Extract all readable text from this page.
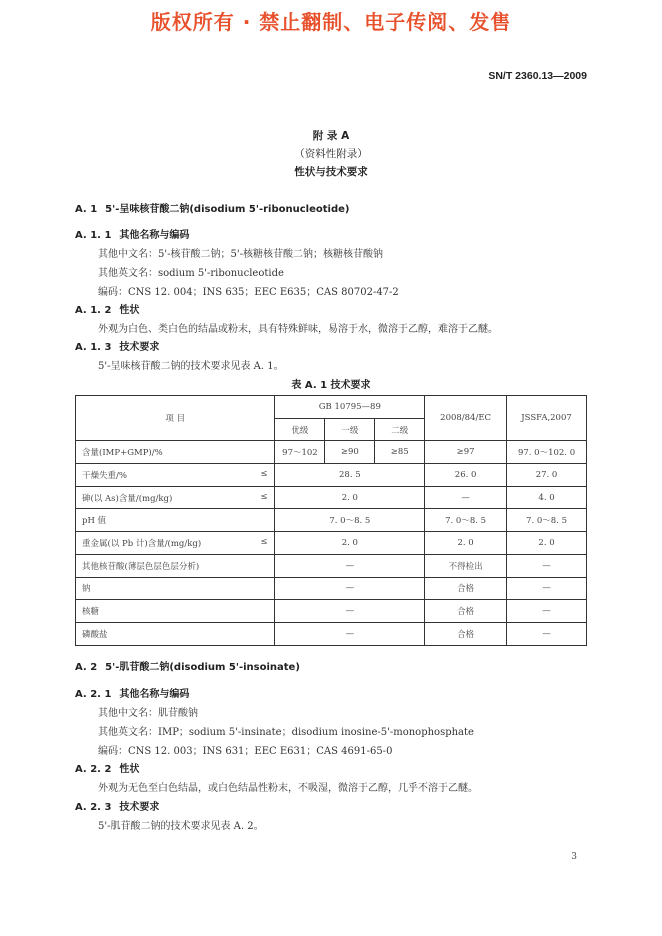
版权所有 · 禁止翻制、电子传阅、发售
SN/T 2360.13—2009
附 录 A
（资料性附录）
性状与技术要求
A. 1 5'-呈味核苷酸二钠(disodium 5'-ribonucleotide)
A. 1. 1 其他名称与编码
其他中文名：5'-核苷酸二钠；5'-核糖核苷酸二钠；核糖核苷酸钠
其他英文名：sodium 5'-ribonucleotide
编码：CNS 12. 004；INS 635；EEC E635；CAS 80702-47-2
A. 1. 2 性状
外观为白色、类白色的结晶或粉末，具有特殊鲜味，易溶于水，微溶于乙醇，难溶于乙醚。
A. 1. 3 技术要求
5'-呈味核苷酸二钠的技术要求见表 A. 1。
表 A. 1 技术要求
项 目	GB 10795—89			2008/84/EC	JSSFA,2007
	优级	一级	二级		
含量(IMP+GMP)/%	97～102	≥90	≥85	≥97	97. 0～102. 0
干燥失重/% ≤	28. 5			26. 0	27. 0
砷(以 As)含量/(mg/kg) ≤	2. 0			—	4. 0
pH 值	7. 0～8. 5			7. 0～8. 5	7. 0～8. 5
重金属(以 Pb 计)含量/(mg/kg) ≤	2. 0			2. 0	2. 0
其他核苷酸(薄层色层色层分析)	—			不得检出	—
钠	—			合格	—
核糖	—			合格	—
磷酸盐	—			合格	—
A. 2 5'-肌苷酸二钠(disodium 5'-insoinate)
A. 2. 1 其他名称与编码
其他中文名：肌苷酸钠
其他英文名：IMP；sodium 5'-insinate；disodium inosine-5'-monophosphate
编码：CNS 12. 003；INS 631；EEC E631；CAS 4691-65-0
A. 2. 2 性状
外观为无色至白色结晶，或白色结晶性粉末，不吸湿，微溶于乙醇，几乎不溶于乙醚。
A. 2. 3 技术要求
5'-肌苷酸二钠的技术要求见表 A. 2。
3
